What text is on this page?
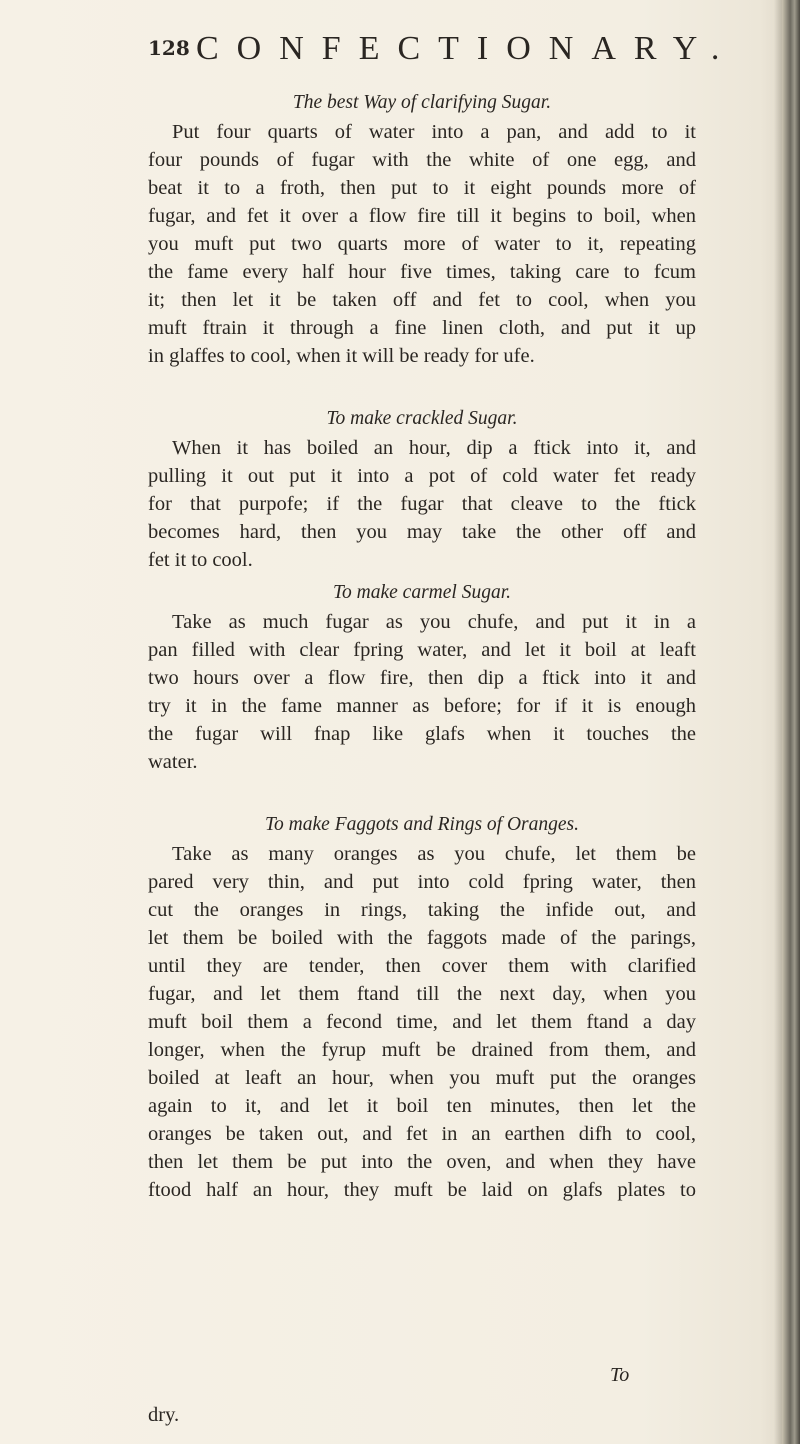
128 CONFECTIONARY.

The best Way of clarifying Sugar.

Put four quarts of water into a pan, and add to it
four pounds of fugar with the white of one egg, and
beat it to a froth, then put to it eight pounds more of
fugar, and fet it over a flow fire till it begins to boil, when
you muft put two quarts more of water to it, repeating
the fame every half hour five times, taking care to fcum
it; then let it be taken off and fet to cool, when you
muft ftrain it through a fine linen cloth, and put it up
in glaffes to cool, when it will be ready for ufe.

To make crackled Sugar.

When it has boiled an hour, dip a ftick into it, and
pulling it out put it into a pot of cold water fet ready
for that purpofe; if the fugar that cleave to the ftick
becomes hard, then you may take the other off and
fet it to cool.

To make carmel Sugar.

Take as much fugar as you chufe, and put it in a
pan filled with clear fpring water, and let it boil at leaft
two hours over a flow fire, then dip a ftick into it and
try it in the fame manner as before; for if it is enough
the fugar will fnap like glafs when it touches the
water.

To make Faggots and Rings of Oranges.

Take as many oranges as you chufe, let them be
pared very thin, and put into cold fpring water, then
cut the oranges in rings, taking the infide out, and
let them be boiled with the faggots made of the parings,
until they are tender, then cover them with clarified
fugar, and let them ftand till the next day, when you
muft boil them a fecond time, and let them ftand a day
longer, when the fyrup muft be drained from them, and
boiled at leaft an hour, when you muft put the oranges
again to it, and let it boil ten minutes, then let the
oranges be taken out, and fet in an earthen difh to cool,
then let them be put into the oven, and when they have
ftood half an hour, they muft be laid on glafs plates to

dry.
To
